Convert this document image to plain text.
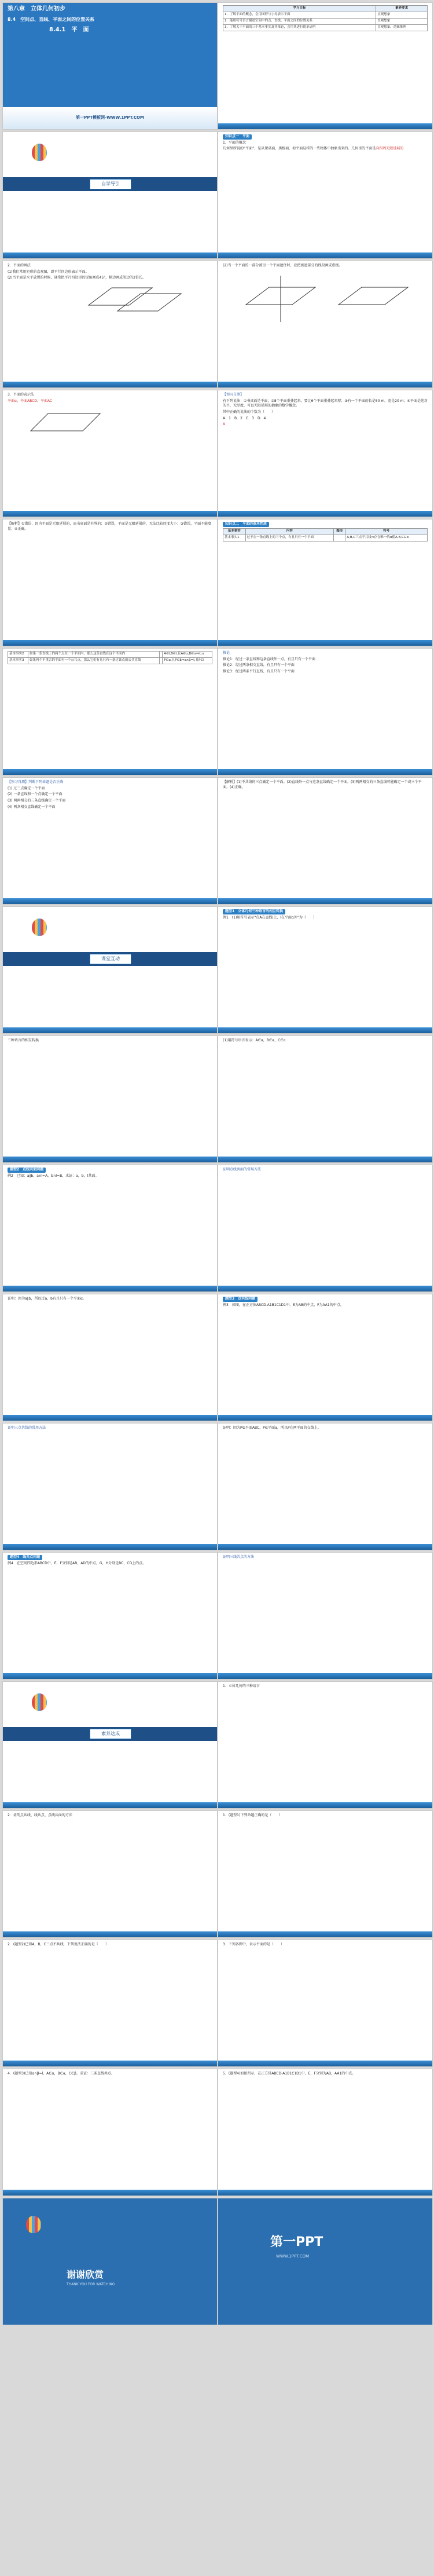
第八章　立体几何初步
8.4　空间点、直线、平面之间的位置关系
8.4.1　平　面
第一PPT模板网-WWW.1PPT.COM
学习目标	素养要求
1．了解平面的概念，会用图形与字母表示平面	直观想象
2．能用符号语言描述空间中的点、直线、平面之间的位置关系	直观想象
3．了解关于平面的三个基本事实及其推论，会用其进行简单证明	直观想象、逻辑推理
自学导引

知识点一　平面

1．平面的概念

几何里所说的“平面”，是从课桌面、黑板面、海平面这样的一些物体中抽象出来的。几何里的平面是向四周无限延展的

2．平面的画法

(1)我们常用矩形的直观图，即平行四边形表示平面。

(2)当平面是水平放置的时候，通常把平行四边形的锐角画成45°，横边画成邻边的2倍长。

(2)当一个平面的一部分被另一个平面遮住时，应把被遮部分的线段画成虚线。

3．平面的表示法

平面α、平面ABCD、平面AC

【预习自测】

有下列说法：①书桌面是平面；②8个平面重叠起来，要比6个平面重叠起来厚；③有一个平面的长是50 m，宽是20 m；④平面是绝对的平，无厚度，可以无限延展的抽象的数学概念。

其中正确的说法的个数为（　　）

A．1　 B．2　 C．3　 D．4

A

【解析】①错误，因为平面是无限延展的，而书桌面是有界的；②错误，平面是无限延展的，无法比较厚度大小；③错误，平面不能度量；④正确。

知识点二　平面的基本性质

基本事实	内容	图形	符号
基本事实1	过不在一条直线上的三个点，有且只有一个平面		A,B,C三点不共线⇒存在唯一的α使A,B,C∈α
基本事实2	如果一条直线上的两个点在一个平面内，那么这条直线在这个平面内		A∈l,B∈l,且A∈α,B∈α⇒l⊂α
基本事实3	如果两个不重合的平面有一个公共点，那么它们有且只有一条过该点的公共直线		P∈α,且P∈β⇒α∩β=l,且P∈l

推论

推论1：经过一条直线和这条直线外一点，有且只有一个平面

推论2：经过两条相交直线，有且只有一个平面

推论3：经过两条平行直线，有且只有一个平面

【预习自测】判断下列命题是否正确

(1) 过三点确定一个平面

(2) 一条直线和一个点确定一个平面

(3) 两两相交的三条直线确定一个平面

(4) 两条相交直线确定一个平面

【解析】(1)不共线的三点确定一个平面。(2)直线外一点与这条直线确定一个平面。(3)两两相交的三条直线可能确定一个或三个平面。(4)正确。

课堂互动

题型1　立体几何三种语言的相互转换

例1　(1)用符号表示“点A在直线l上，l在平面α外”为（　　）

三种语言的相互转换	(1)用符号语言表示：A∈α，B∈α，C∈α

题型2　点线共面问题

例2　已知：a∥b，a∩l=A，b∩l=B，求证：a，b，l共面。

证明点线共面的常用方法

证明：因为a∥b，所以过a，b有且只有一个平面α。	题型3　点共线问题

例3　如图，在正方体ABCD-A1B1C1D1中，E为AB的中点，F为AA1的中点。

证明三点共线的常用方法	证明：因为P∈平面ABC，P∈平面α，所以P在两平面的交线上。

题型4　线共点问题

例4　在空间四边形ABCD中，E，F分别是AB，AD的中点，G，H分别是BC，CD上的点。

证明三线共点的方法

素养达成

1．立体几何的三种语言

2．证明点共线、线共点、点线共面的方法	1．(题型1)下列命题正确的是（　　）

2．(题型2)已知A，B，C三点不共线，下列说法正确的是（　　）	3．下列各图中，表示平面的是（　　）

4．(题型3)已知α∩β=l，A∈α，B∈α，C∈β，求证：三条直线共点。	5．(题型4)如图所示，在正方体ABCD-A1B1C1D1中，E，F分别为AB，AA1的中点。

谢谢欣赏
THANK YOU FOR WATCHING
第一PPT
WWW.1PPT.COM
